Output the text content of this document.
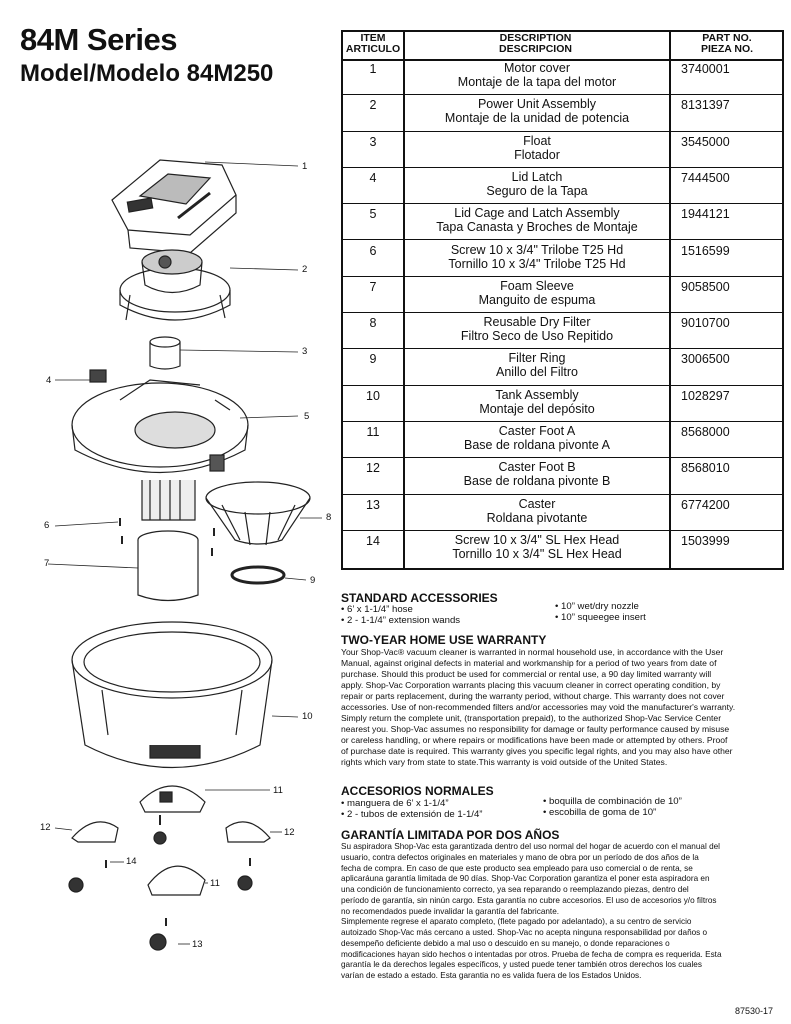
84M Series
Model/Modelo 84M250
1
2
3
4
5
6
7
8
9
10
11
12	12
13
14
11
ITEM
ARTICULO
DESCRIPTION
DESCRIPCION
PART NO.
PIEZA NO.
1	Motor cover
Montaje de la tapa del motor
3740001
2	Power Unit Assembly
Montaje de la unidad de potencia
8131397
3	Float
Flotador
3545000
4	Lid Latch
Seguro de la Tapa
7444500
5	Lid Cage and Latch Assembly
Tapa Canasta y Broches de Montaje
1944121
6	Screw 10 x 3/4" Trilobe T25 Hd
Tornillo 10 x 3/4" Trilobe T25 Hd
1516599
7	Foam Sleeve
Manguito de espuma
9058500
8	Reusable Dry Filter
Filtro Seco de Uso Repitido
9010700
9	Filter Ring
Anillo del Filtro
3006500
10	Tank Assembly
Montaje del depósito
1028297
11	Caster Foot A
Base de roldana pivonte A
8568000
12	Caster Foot B
Base de roldana pivonte B
8568010
13	Caster
Roldana pivotante
6774200
14	Screw 10 x 3/4" SL Hex Head
Tornillo 10 x 3/4" SL Hex Head
1503999
STANDARD ACCESSORIES
• 6’ x 1-1/4” hose
• 2 - 1-1/4” extension wands
• 10” wet/dry nozzle
• 10” squeegee insert
TWO-YEAR HOME USE WARRANTY
Your Shop-Vac® vacuum cleaner is warranted in normal household use, in accordance with the User
Manual, against original defects in material and workmanship for a period of two years from date of
purchase. Should this product be used for commercial or rental use, a 90 day limited warranty will
apply. Shop-Vac Corporation warrants placing this vacuum cleaner in correct operating condition, by
repair or parts replacement, during the warranty period, without charge. This warranty does not cover
accessories. Use of non-recommended filters and/or accessories may void the manufacturer's warranty.
Simply return the complete unit, (transportation prepaid), to the authorized Shop-Vac Service Center
nearest you. Shop-Vac assumes no responsibility for damage or faulty performance caused by misuse
or careless handling, or where repairs or modifications have been made or attempted by others. Proof
of purchase date is required. This warranty gives you specific legal rights, and you may also have other
rights which vary from state to state.This warranty is void outside of the United States.
ACCESORIOS NORMALES
• manguera de 6’ x 1-1/4”
• 2 - tubos de extensión de 1-1/4”
• boquilla de combinación de 10”
• escobilla de goma de 10”
GARANTÍA LIMITADA POR DOS AÑOS
Su aspiradora Shop-Vac esta garantizada dentro del uso normal del hogar de acuerdo con el manual del
usuario, contra defectos originales en materiales y mano de obra por un período de dos años de la
fecha de compra. En caso de que este producto sea empleado para uso comercial o de renta, se
aplicaráuna garantía limitada de 90 días. Shop-Vac Corporation garantiza el poner esta aspiradora en
una condición de funcionamiento correcto, ya sea reparando o reemplazando piezas, dentro del
período de garantía, sin ninún cargo. Esta garantía no cubre accesorios. El uso de accesorios y/o filtros
no recomendados puede invalidar la garantía del fabricante.
Simplemente regrese el aparato completo, (flete pagado por adelantado), a su centro de servicio
autoizado Shop-Vac más cercano a usted. Shop-Vac no acepta ninguna responsabilidad por daños o
desempeño deficiente debido a mal uso o descuido en su manejo, o donde reparaciones o
modificaciones hayan sido hechos o intentadas por otros. Prueba de fecha de compra es requerida. Esta
garantía le da derechos legales específicos, y usted puede tener también otros derechos los cuales
varían de estado a estado. Esta garantia no es valida fuera de los Estados Unidos.
87530-17
